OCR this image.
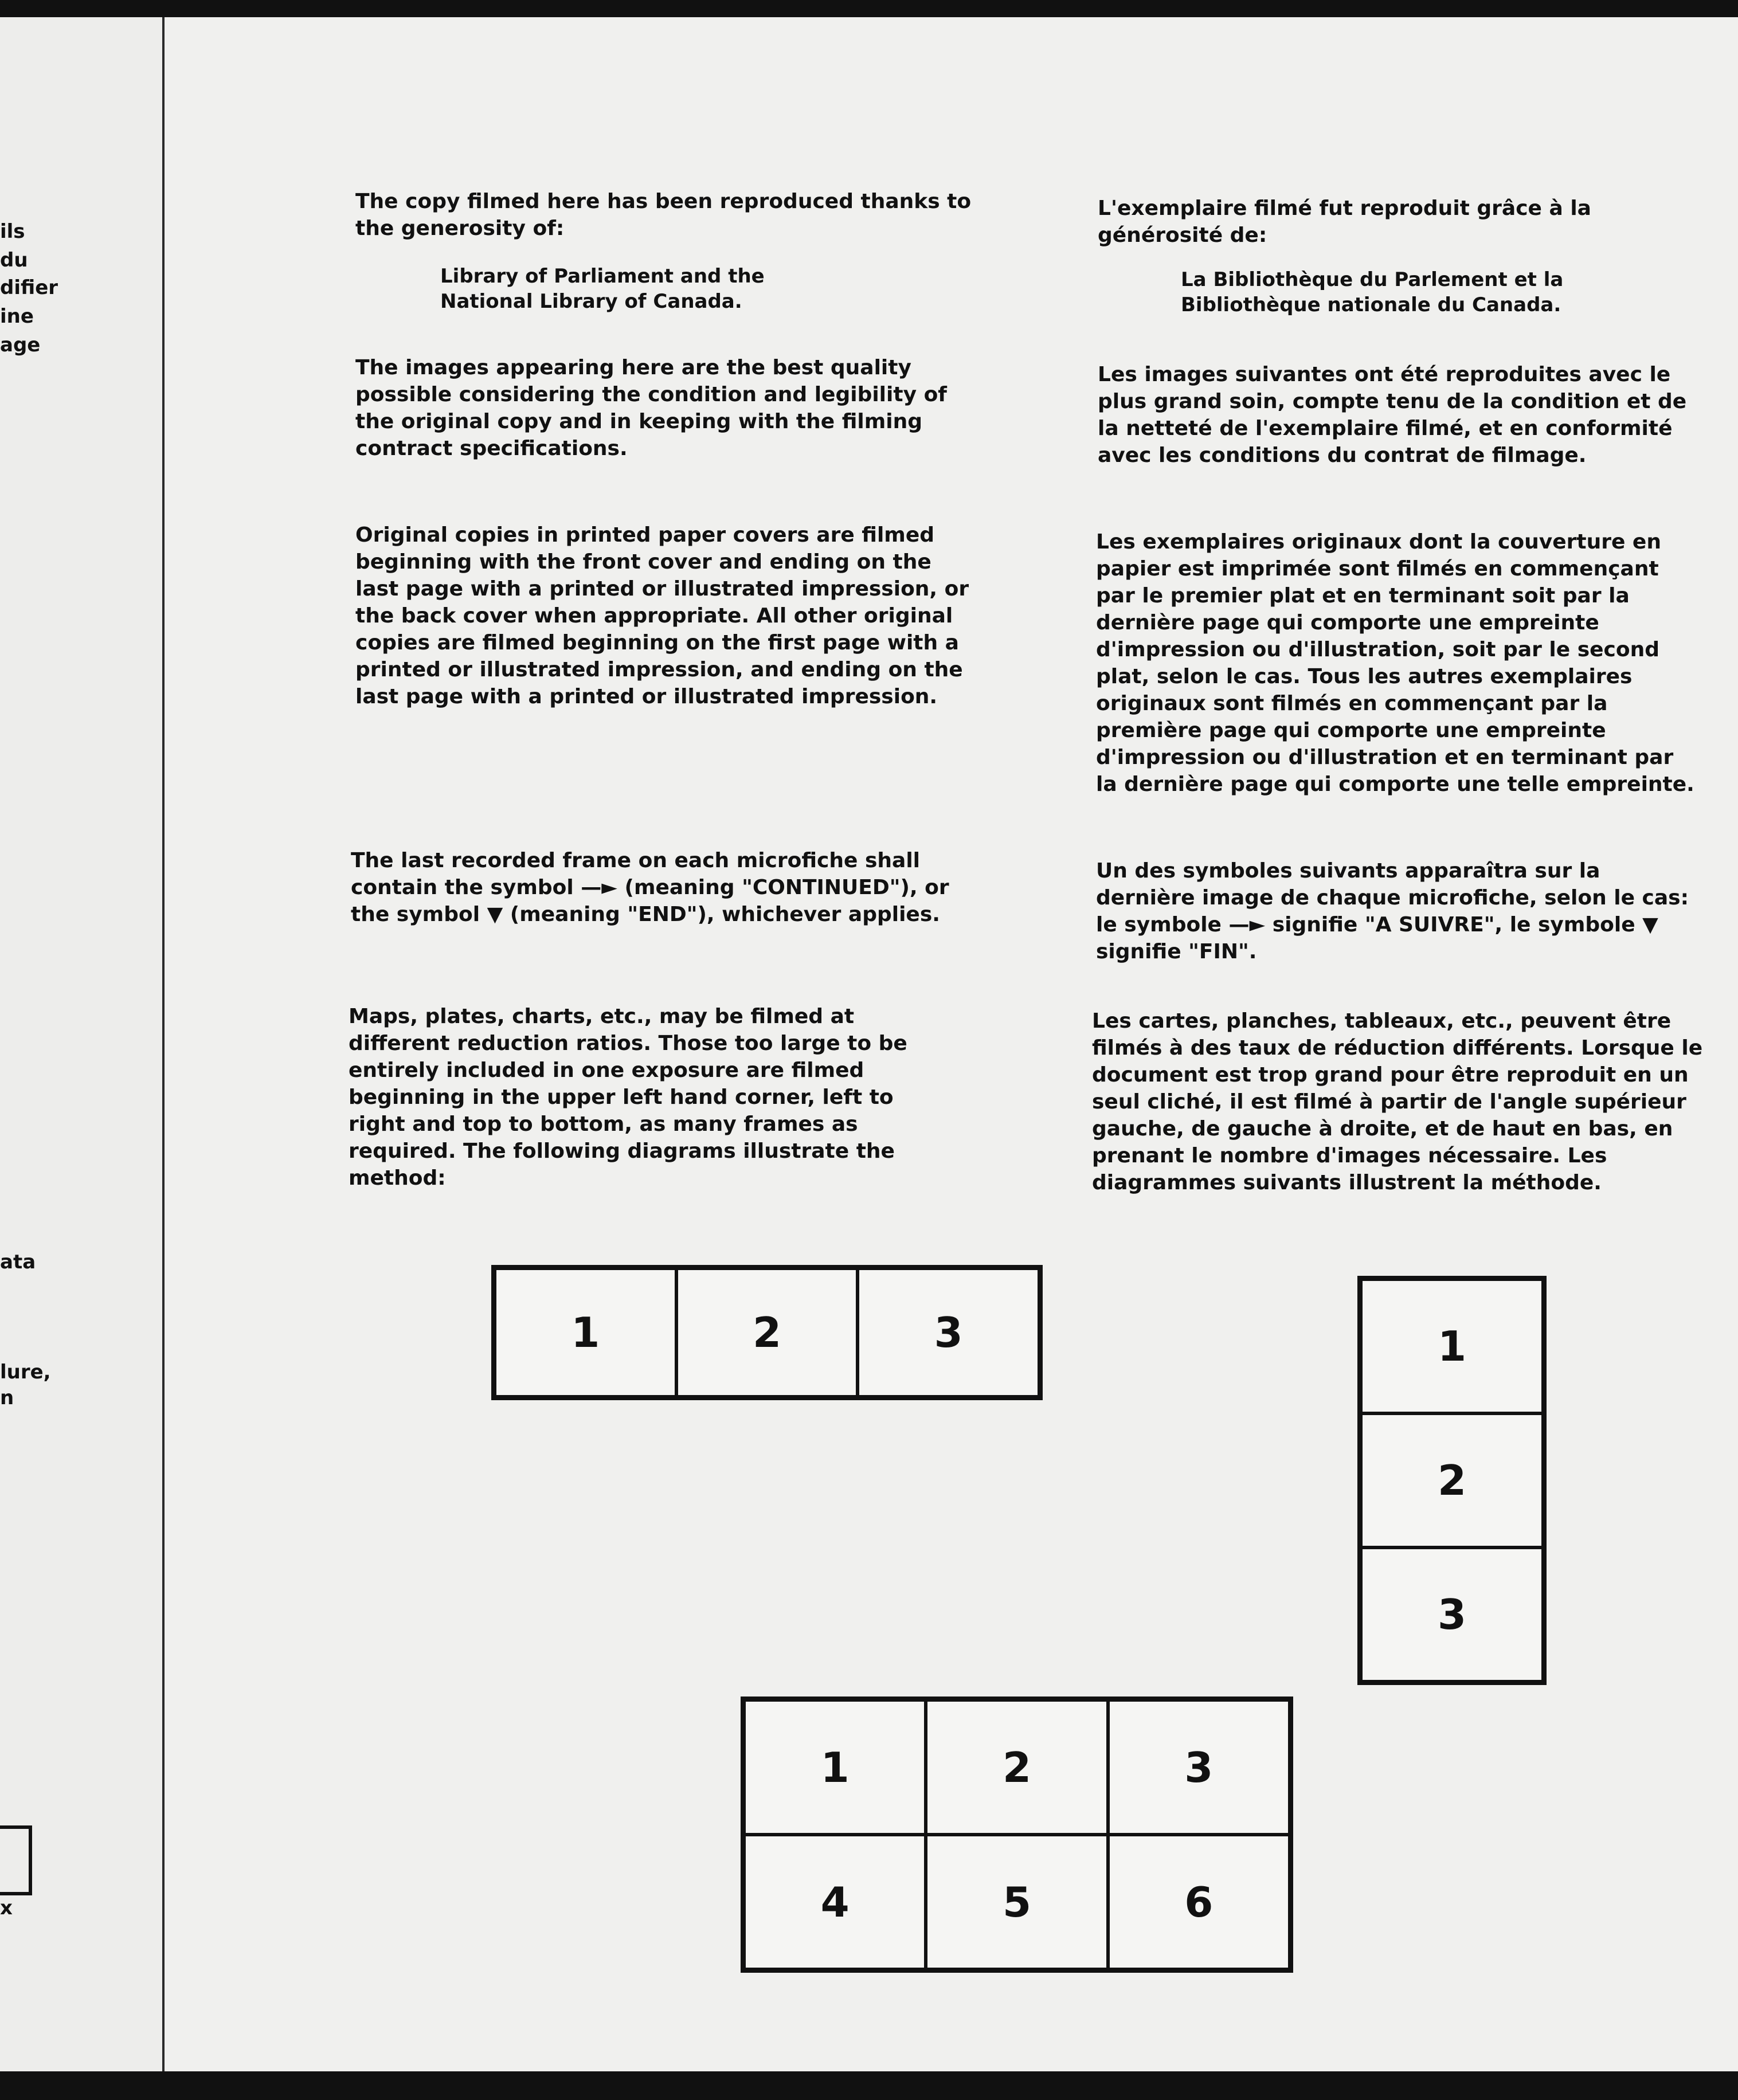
ils
du
difier
ine
age
ata
lure,
n
x

The copy filmed here has been reproduced thanks to the generosity of:

Library of Parliament and the
National Library of Canada.

The images appearing here are the best quality possible considering the condition and legibility of the original copy and in keeping with the filming contract specifications.

Original copies in printed paper covers are filmed beginning with the front cover and ending on the last page with a printed or illustrated impression, or the back cover when appropriate. All other original copies are filmed beginning on the first page with a printed or illustrated impression, and ending on the last page with a printed or illustrated impression.

The last recorded frame on each microfiche shall contain the symbol —► (meaning "CONTINUED"), or the symbol ▼ (meaning "END"), whichever applies.

Maps, plates, charts, etc., may be filmed at different reduction ratios. Those too large to be entirely included in one exposure are filmed beginning in the upper left hand corner, left to right and top to bottom, as many frames as required. The following diagrams illustrate the method:

L'exemplaire filmé fut reproduit grâce à la générosité de:

La Bibliothèque du Parlement et la
Bibliothèque nationale du Canada.

Les images suivantes ont été reproduites avec le plus grand soin, compte tenu de la condition et de la netteté de l'exemplaire filmé, et en conformité avec les conditions du contrat de filmage.

Les exemplaires originaux dont la couverture en papier est imprimée sont filmés en commençant par le premier plat et en terminant soit par la dernière page qui comporte une empreinte d'impression ou d'illustration, soit par le second plat, selon le cas. Tous les autres exemplaires originaux sont filmés en commençant par la première page qui comporte une empreinte d'impression ou d'illustration et en terminant par la dernière page qui comporte une telle empreinte.

Un des symboles suivants apparaîtra sur la dernière image de chaque microfiche, selon le cas: le symbole —► signifie "A SUIVRE", le symbole ▼ signifie "FIN".

Les cartes, planches, tableaux, etc., peuvent être filmés à des taux de réduction différents. Lorsque le document est trop grand pour être reproduit en un seul cliché, il est filmé à partir de l'angle supérieur gauche, de gauche à droite, et de haut en bas, en prenant le nombre d'images nécessaire. Les diagrammes suivants illustrent la méthode.

1	2	3	1
2
3
1	2	3
4	5	6
